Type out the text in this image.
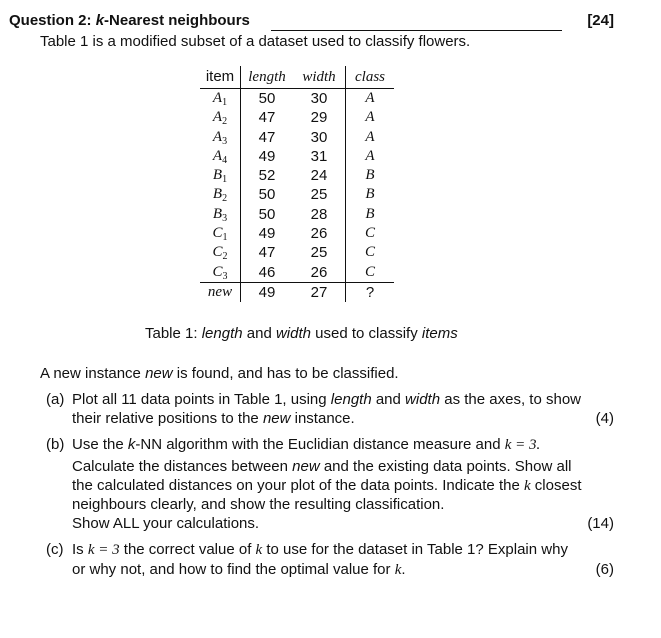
Question 2: k-Nearest neighbours	[24]
Table 1 is a modified subset of a dataset used to classify flowers.
item	length	width	class
$A_1$	50	30	A
$A_2$	47	29	A
$A_3$	47	30	A
$A_4$	49	31	A
$B_1$	52	24	B
$B_2$	50	25	B
$B_3$	50	28	B
$C_1$	49	26	C
$C_2$	47	25	C
$C_3$	46	26	C
new	49	27	?
Table 1: length and width used to classify items
A new instance new is found, and has to be classified.
(a) Plot all 11 data points in Table 1, using length and width as the axes, to show
their relative positions to the new instance.	(4)
(b) Use the k-NN algorithm with the Euclidian distance measure and k = 3.
Calculate the distances between new and the existing data points. Show all
the calculated distances on your plot of the data points. Indicate the k closest
neighbours clearly, and show the resulting classification.
Show ALL your calculations.	(14)
(c) Is k = 3 the correct value of k to use for the dataset in Table 1? Explain why
or why not, and how to find the optimal value for k.	(6)
